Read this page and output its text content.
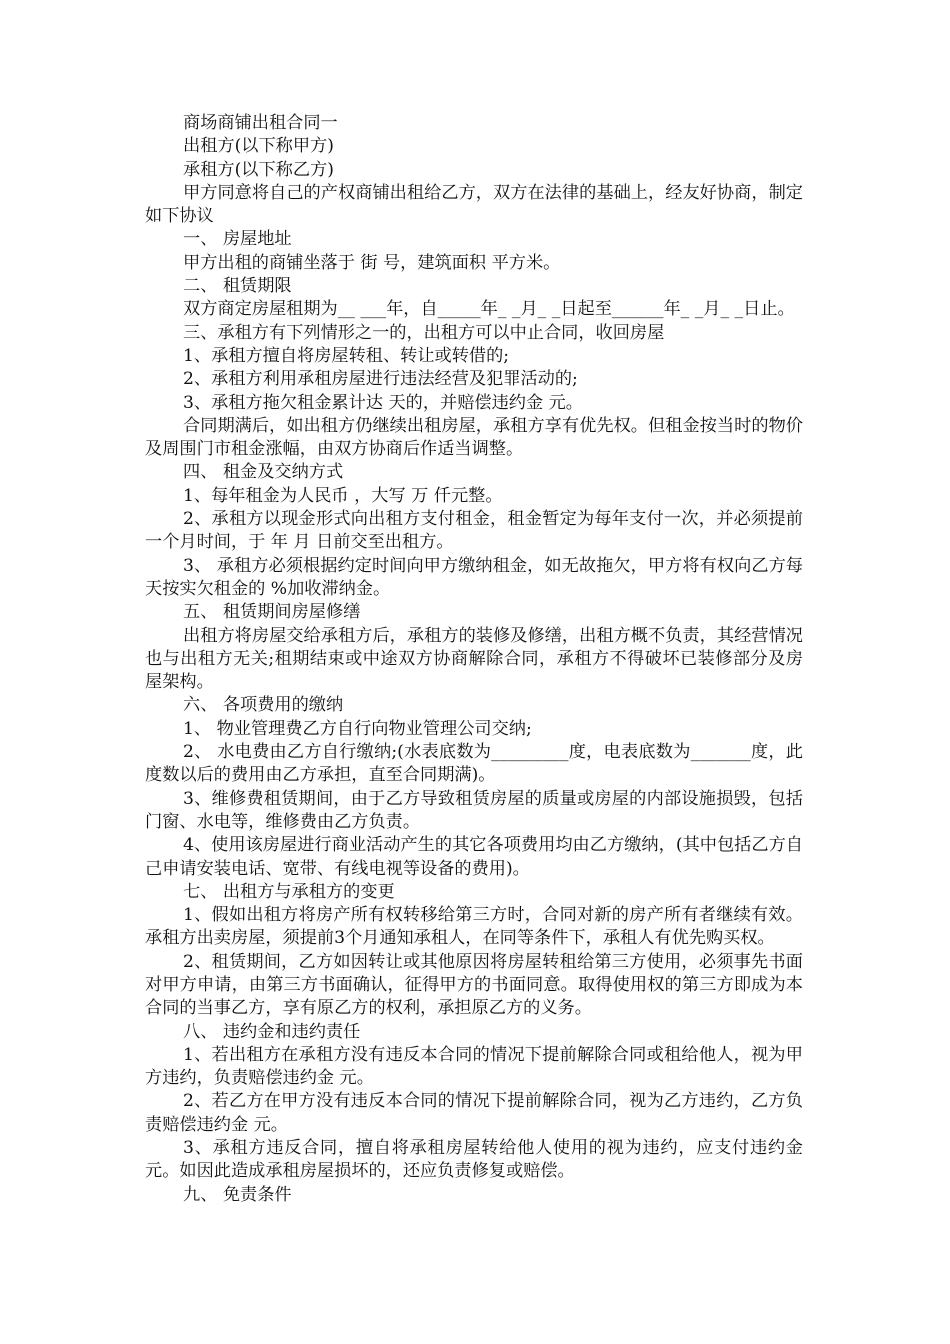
商场商铺出租合同一

出租方(以下称甲方)

承租方(以下称乙方)

甲方同意将自己的产权商铺出租给乙方，双方在法律的基础上，经友好协商，制定如下协议

一、 房屋地址

甲方出租的商铺坐落于 街 号，建筑面积 平方米。

二、 租赁期限

双方商定房屋租期为__ ___年，自_____年_ _月_ _日起至______年_ _月_ _日止。

三、承租方有下列情形之一的，出租方可以中止合同，收回房屋

1、承租方擅自将房屋转租、转让或转借的;

2、承租方利用承租房屋进行违法经营及犯罪活动的;

3、承租方拖欠租金累计达 天的，并赔偿违约金 元。

合同期满后，如出租方仍继续出租房屋，承租方享有优先权。但租金按当时的物价及周围门市租金涨幅，由双方协商后作适当调整。

四、 租金及交纳方式

1、每年租金为人民币 ，大写 万 仟元整。

2、承租方以现金形式向出租方支付租金，租金暂定为每年支付一次，并必须提前一个月时间，于 年 月 日前交至出租方。

3、 承租方必须根据约定时间向甲方缴纳租金，如无故拖欠，甲方将有权向乙方每天按实欠租金的 %加收滞纳金。

五、 租赁期间房屋修缮

出租方将房屋交给承租方后，承租方的装修及修缮，出租方概不负责，其经营情况也与出租方无关;租期结束或中途双方协商解除合同，承租方不得破坏已装修部分及房屋架构。

六、 各项费用的缴纳

1、 物业管理费乙方自行向物业管理公司交纳;

2、 水电费由乙方自行缴纳;(水表底数为_________度，电表底数为_______度，此度数以后的费用由乙方承担，直至合同期满)。

3、维修费租赁期间，由于乙方导致租赁房屋的质量或房屋的内部设施损毁，包括门窗、水电等，维修费由乙方负责。

4、使用该房屋进行商业活动产生的其它各项费用均由乙方缴纳，(其中包括乙方自己申请安装电话、宽带、有线电视等设备的费用)。

七、 出租方与承租方的变更

1、假如出租方将房产所有权转移给第三方时，合同对新的房产所有者继续有效。承租方出卖房屋，须提前3个月通知承租人，在同等条件下，承租人有优先购买权。

2、租赁期间，乙方如因转让或其他原因将房屋转租给第三方使用，必须事先书面对甲方申请，由第三方书面确认，征得甲方的书面同意。取得使用权的第三方即成为本合同的当事乙方，享有原乙方的权利，承担原乙方的义务。

八、 违约金和违约责任

1、若出租方在承租方没有违反本合同的情况下提前解除合同或租给他人，视为甲方违约，负责赔偿违约金 元。

2、若乙方在甲方没有违反本合同的情况下提前解除合同，视为乙方违约，乙方负责赔偿违约金 元。

3、承租方违反合同，擅自将承租房屋转给他人使用的视为违约，应支付违约金 元。如因此造成承租房屋损坏的，还应负责修复或赔偿。

九、 免责条件
